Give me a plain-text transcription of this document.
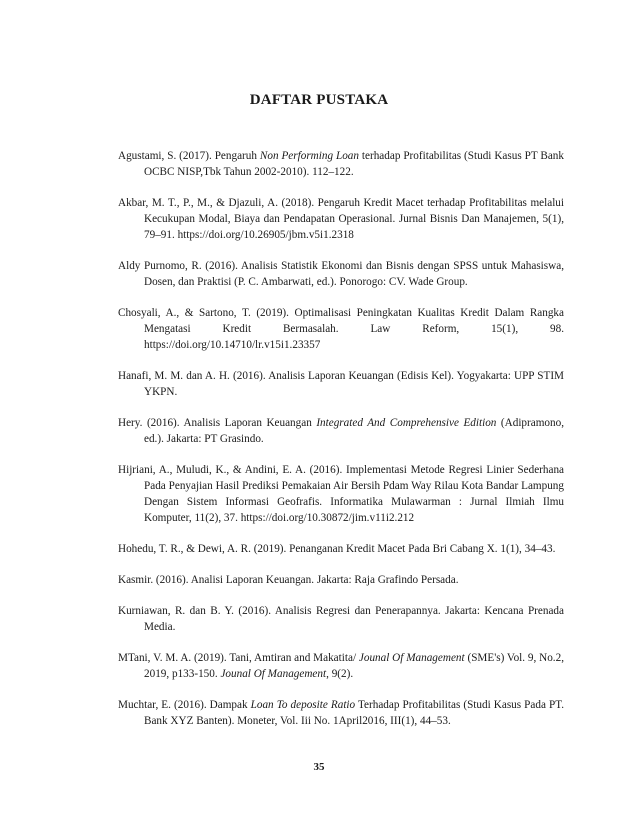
DAFTAR PUSTAKA

Agustami, S. (2017). Pengaruh Non Performing Loan terhadap Profitabilitas (Studi Kasus PT Bank OCBC NISP,Tbk Tahun 2002-2010). 112–122.

Akbar, M. T., P., M., & Djazuli, A. (2018). Pengaruh Kredit Macet terhadap Profitabilitas melalui Kecukupan Modal, Biaya dan Pendapatan Operasional. Jurnal Bisnis Dan Manajemen, 5(1), 79–91. https://doi.org/10.26905/jbm.v5i1.2318

Aldy Purnomo, R. (2016). Analisis Statistik Ekonomi dan Bisnis dengan SPSS untuk Mahasiswa, Dosen, dan Praktisi (P. C. Ambarwati, ed.). Ponorogo: CV. Wade Group.

Chosyali, A., & Sartono, T. (2019). Optimalisasi Peningkatan Kualitas Kredit Dalam Rangka Mengatasi Kredit Bermasalah. Law Reform, 15(1), 98. https://doi.org/10.14710/lr.v15i1.23357

Hanafi, M. M. dan A. H. (2016). Analisis Laporan Keuangan (Edisis Kel). Yogyakarta: UPP STIM YKPN.

Hery. (2016). Analisis Laporan Keuangan Integrated And Comprehensive Edition (Adipramono, ed.). Jakarta: PT Grasindo.

Hijriani, A., Muludi, K., & Andini, E. A. (2016). Implementasi Metode Regresi Linier Sederhana Pada Penyajian Hasil Prediksi Pemakaian Air Bersih Pdam Way Rilau Kota Bandar Lampung Dengan Sistem Informasi Geofrafis. Informatika Mulawarman : Jurnal Ilmiah Ilmu Komputer, 11(2), 37. https://doi.org/10.30872/jim.v11i2.212

Hohedu, T. R., & Dewi, A. R. (2019). Penanganan Kredit Macet Pada Bri Cabang X. 1(1), 34–43.

Kasmir. (2016). Analisi Laporan Keuangan. Jakarta: Raja Grafindo Persada.

Kurniawan, R. dan B. Y. (2016). Analisis Regresi dan Penerapannya. Jakarta: Kencana Prenada Media.

MTani, V. M. A. (2019). Tani, Amtiran and Makatita/ Jounal Of Management (SME's) Vol. 9, No.2, 2019, p133-150. Jounal Of Management, 9(2).

Muchtar, E. (2016). Dampak Loan To deposite Ratio Terhadap Profitabilitas (Studi Kasus Pada PT. Bank XYZ Banten). Moneter, Vol. Iii No. 1April2016, III(1), 44–53.

35
